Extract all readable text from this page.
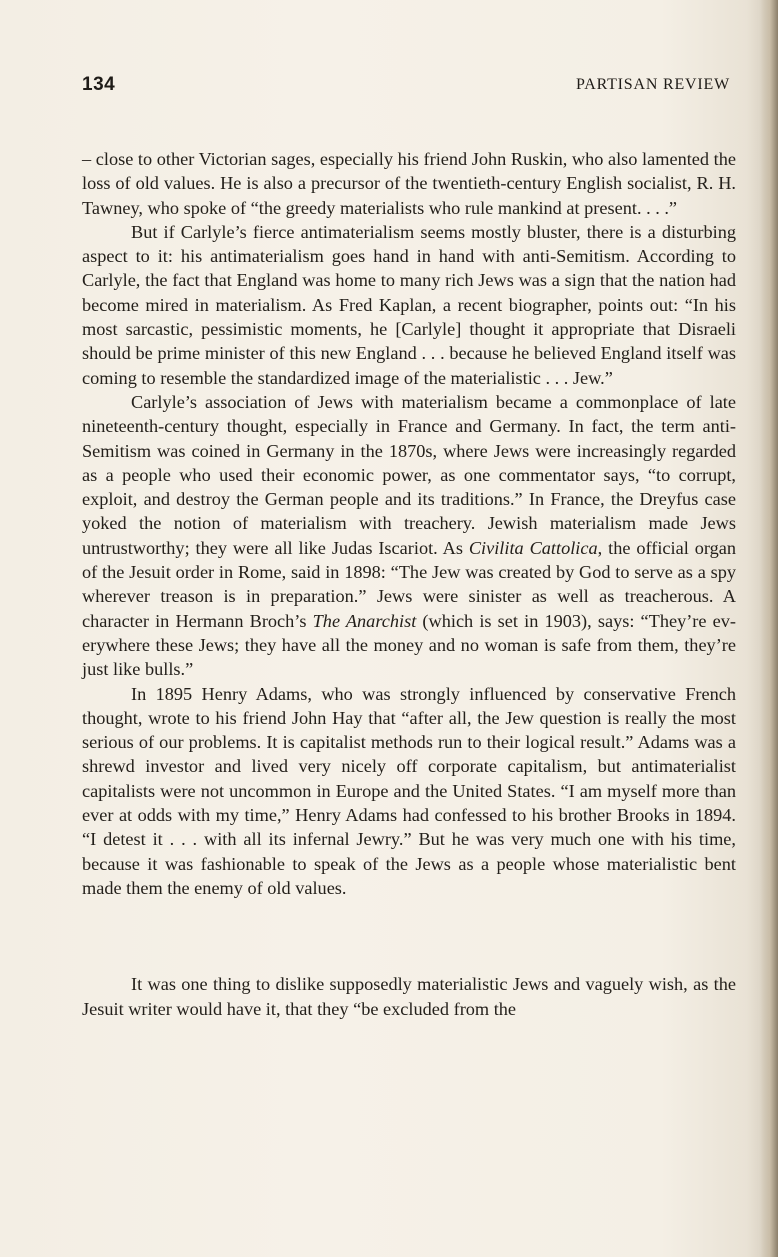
134	PARTISAN REVIEW

– close to other Victorian sages, especially his friend John Ruskin, who also lamented the loss of old values. He is also a precursor of the twentieth-century English socialist, R. H. Tawney, who spoke of “the greedy materialists who rule mankind at present. . . .”

But if Carlyle’s fierce antimaterialism seems mostly bluster, there is a disturbing aspect to it: his antimaterialism goes hand in hand with anti-Semitism. According to Carlyle, the fact that England was home to many rich Jews was a sign that the nation had become mired in materialism. As Fred Kaplan, a recent biographer, points out: “In his most sarcastic, pessimistic moments, he [Carlyle] thought it appropriate that Disraeli should be prime minister of this new England . . . because he believed England itself was coming to resemble the standardized image of the materialistic . . . Jew.”

Carlyle’s association of Jews with materialism became a commonplace of late nineteenth-century thought, especially in France and Germany. In fact, the term anti-Semitism was coined in Germany in the 1870s, where Jews were increasingly regarded as a people who used their economic power, as one commentator says, “to corrupt, exploit, and destroy the German people and its traditions.” In France, the Dreyfus case yoked the notion of materialism with treachery. Jewish materialism made Jews untrustworthy; they were all like Judas Iscariot. As Civilita Cattolica, the official organ of the Jesuit order in Rome, said in 1898: “The Jew was created by God to serve as a spy wherever treason is in preparation.” Jews were sinister as well as treacherous. A character in Hermann Broch’s The Anarchist (which is set in 1903), says: “They’re everywhere these Jews; they have all the money and no woman is safe from them, they’re just like bulls.”

In 1895 Henry Adams, who was strongly influenced by conservative French thought, wrote to his friend John Hay that “after all, the Jew question is really the most serious of our problems. It is capitalist methods run to their logical result.” Adams was a shrewd investor and lived very nicely off corporate capitalism, but antimaterialist capitalists were not uncommon in Europe and the United States. “I am myself more than ever at odds with my time,” Henry Adams had confessed to his brother Brooks in 1894. “I detest it . . . with all its infernal Jewry.” But he was very much one with his time, because it was fashionable to speak of the Jews as a people whose materialistic bent made them the enemy of old values.

It was one thing to dislike supposedly materialistic Jews and vaguely wish, as the Jesuit writer would have it, that they “be excluded from the
